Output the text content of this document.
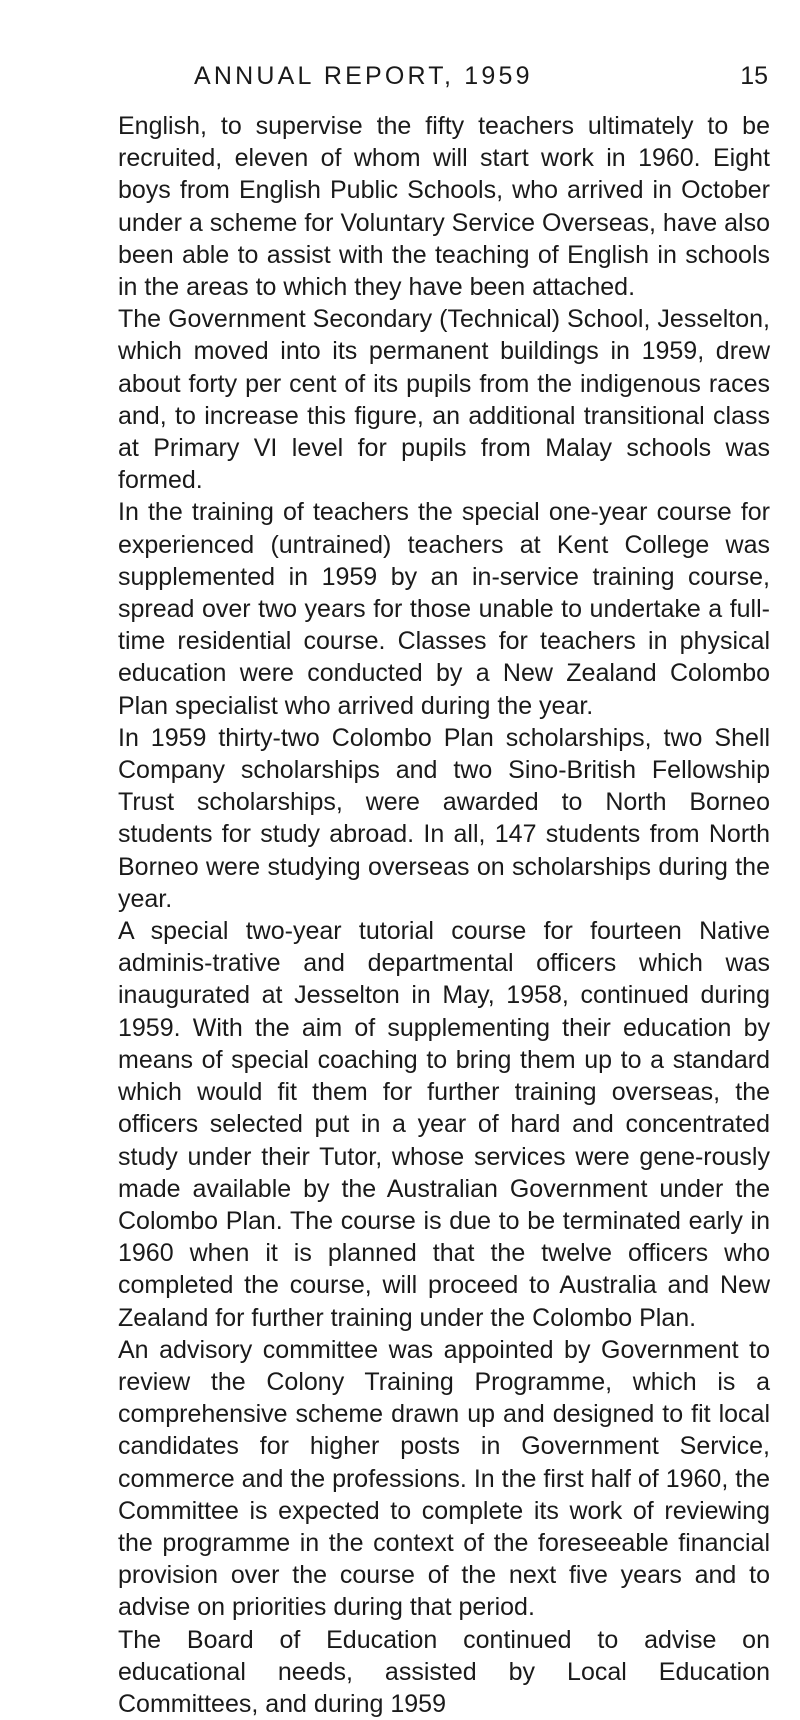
ANNUAL REPORT, 1959	15

English, to supervise the fifty teachers ultimately to be recruited, eleven of whom will start work in 1960. Eight boys from English Public Schools, who arrived in October under a scheme for Voluntary Service Overseas, have also been able to assist with the teaching of English in schools in the areas to which they have been attached.

The Government Secondary (Technical) School, Jesselton, which moved into its permanent buildings in 1959, drew about forty per cent of its pupils from the indigenous races and, to increase this figure, an additional transitional class at Primary VI level for pupils from Malay schools was formed.

In the training of teachers the special one-year course for experienced (untrained) teachers at Kent College was supplemented in 1959 by an in-service training course, spread over two years for those unable to undertake a full-time residential course. Classes for teachers in physical education were conducted by a New Zealand Colombo Plan specialist who arrived during the year.

In 1959 thirty-two Colombo Plan scholarships, two Shell Company scholarships and two Sino-British Fellowship Trust scholarships, were awarded to North Borneo students for study abroad. In all, 147 students from North Borneo were studying overseas on scholarships during the year.

A special two-year tutorial course for fourteen Native adminis-trative and departmental officers which was inaugurated at Jesselton in May, 1958, continued during 1959. With the aim of supplementing their education by means of special coaching to bring them up to a standard which would fit them for further training overseas, the officers selected put in a year of hard and concentrated study under their Tutor, whose services were gene-rously made available by the Australian Government under the Colombo Plan. The course is due to be terminated early in 1960 when it is planned that the twelve officers who completed the course, will proceed to Australia and New Zealand for further training under the Colombo Plan.

An advisory committee was appointed by Government to review the Colony Training Programme, which is a comprehensive scheme drawn up and designed to fit local candidates for higher posts in Government Service, commerce and the professions. In the first half of 1960, the Committee is expected to complete its work of reviewing the programme in the context of the foreseeable financial provision over the course of the next five years and to advise on priorities during that period.

The Board of Education continued to advise on educational needs, assisted by Local Education Committees, and during 1959
